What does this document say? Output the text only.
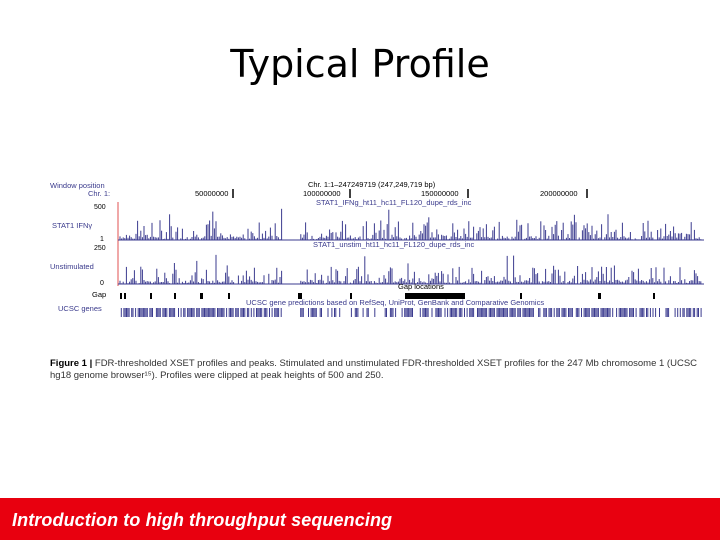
Typical Profile
Window position
Chr. 1:
STAT1 IFNγ
Unstimulated
Gap
UCSC genes
500
1
250
0
Chr. 1:1–247249719 (247,249,719 bp)
50000000	100000000	150000000	200000000
STAT1_IFNg_ht11_hc11_FL120_dupe_rds_inc
STAT1_unstim_ht11_hc11_FL120_dupe_rds_inc
Gap locations
UCSC gene predictions based on RefSeq, UniProt, GenBank and Comparative Genomics
Figure 1 | FDR-thresholded XSET profiles and peaks. Stimulated and unstimulated FDR-thresholded XSET profiles for the 247 Mb chromosome 1 (UCSC hg18 genome browser¹⁵). Profiles were clipped at peak heights of 500 and 250.
Introduction to high throughput sequencing
